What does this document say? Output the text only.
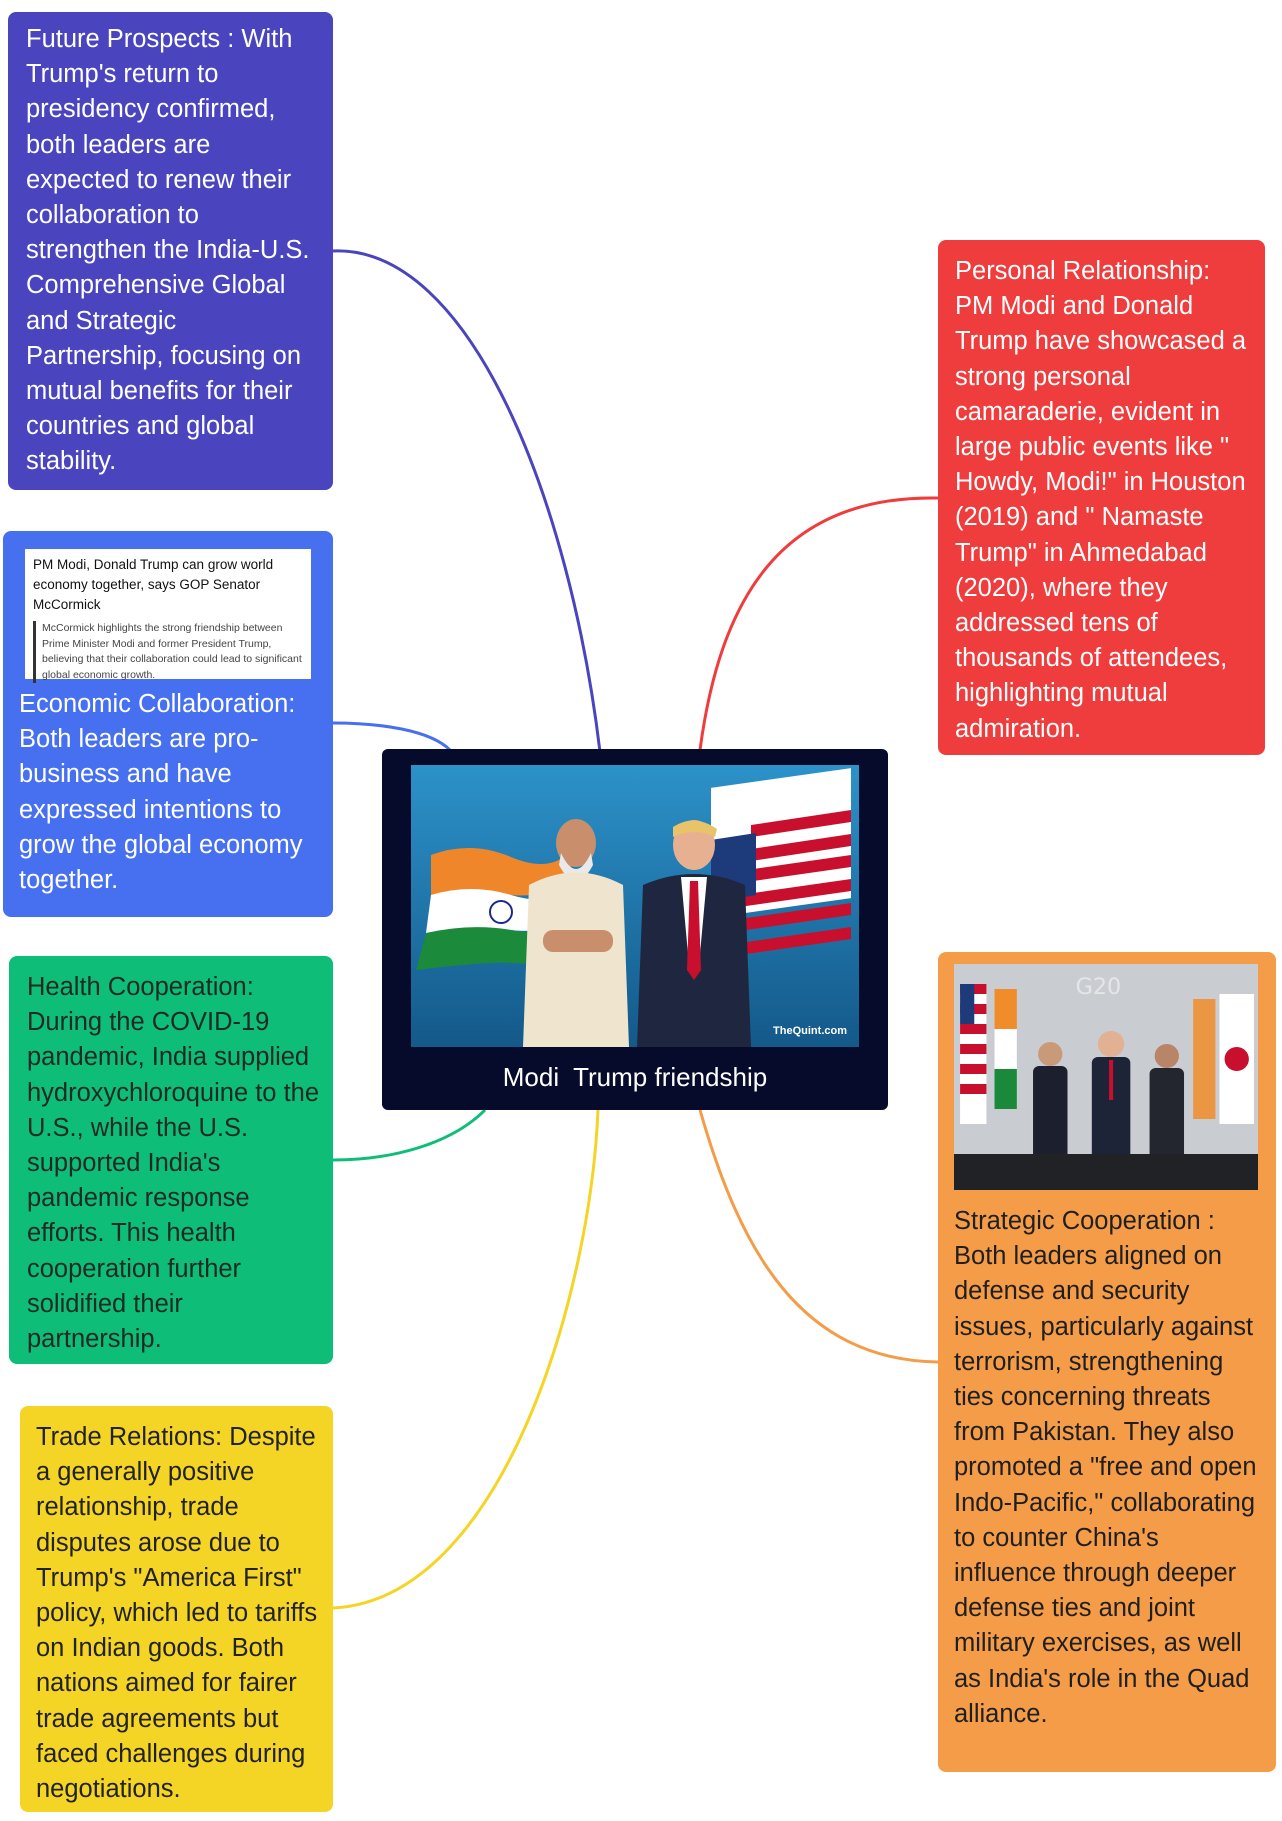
Future Prospects : With Trump's return to presidency confirmed, both leaders are expected to renew their collaboration to strengthen the India-U.S. Comprehensive Global and Strategic Partnership, focusing on mutual benefits for their countries and global stability.
PM Modi, Donald Trump can grow world economy together, says GOP Senator McCormick
McCormick highlights the strong friendship between Prime Minister Modi and former President Trump, believing that their collaboration could lead to significant global economic growth.
Economic Collaboration: Both leaders are pro-business and have expressed intentions to grow the global economy together.
Health Cooperation: During the COVID-19 pandemic, India supplied hydroxychloroquine to the U.S., while the U.S. supported India's pandemic response efforts. This health cooperation further solidified their partnership.
Trade Relations: Despite a generally positive relationship, trade disputes arose due to Trump's "America First" policy, which led to tariffs on Indian goods. Both nations aimed for fairer trade agreements but faced challenges during negotiations.
Personal Relationship: PM Modi and Donald Trump have showcased a strong personal camaraderie, evident in large public events like " Howdy, Modi!" in Houston (2019) and " Namaste Trump" in Ahmedabad (2020), where they addressed tens of thousands of attendees, highlighting mutual admiration.
G20
Strategic Cooperation : Both leaders aligned on defense and security issues, particularly against terrorism, strengthening ties concerning threats from Pakistan. They also promoted a "free and open Indo-Pacific," collaborating to counter China's influence through deeper defense ties and joint military exercises, as well as India's role in the Quad alliance.
TheQuint.com
Modi  Trump friendship
